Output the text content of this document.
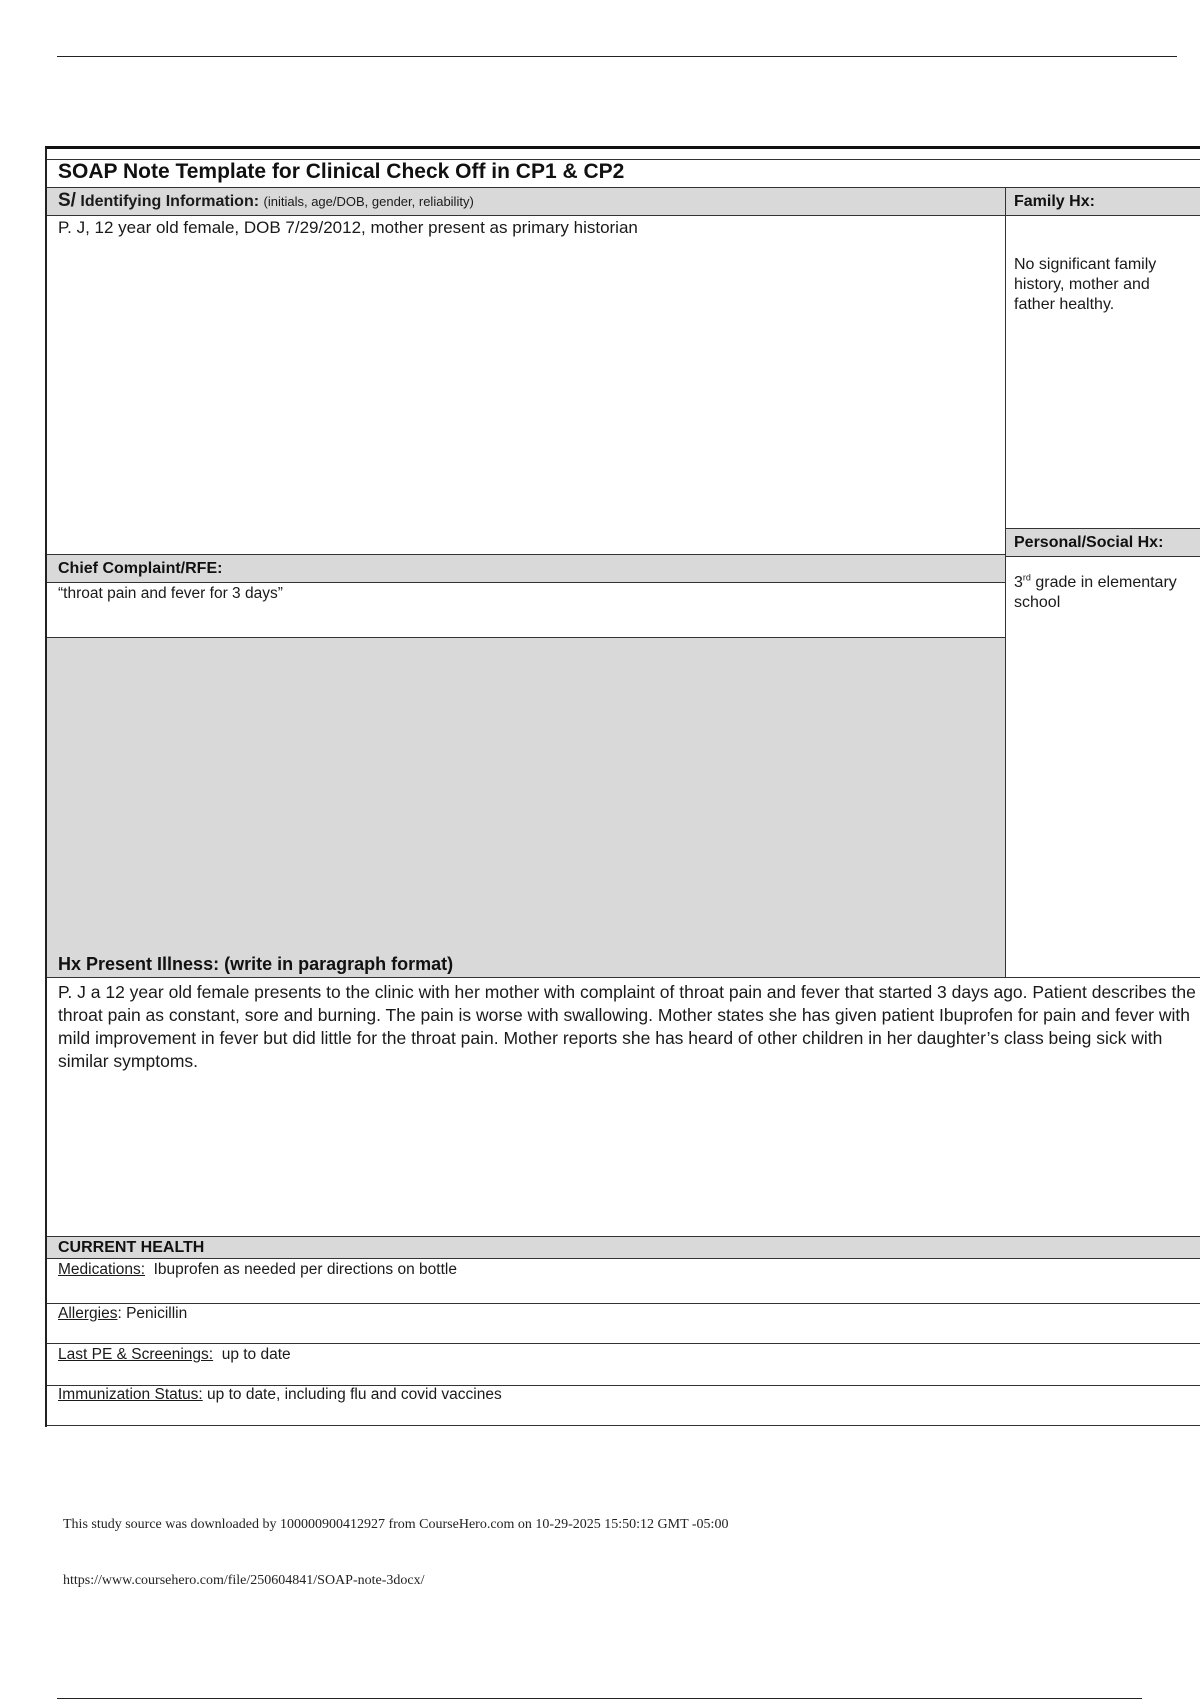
SOAP Note Template for Clinical Check Off in CP1 & CP2

S/ Identifying Information: (initials, age/DOB, gender, reliability)

P. J, 12 year old female, DOB 7/29/2012, mother present as primary historian

Family Hx:

No significant family history, mother and father healthy.

Personal/Social Hx:

3rd grade in elementary school

Chief Complaint/RFE:

“throat pain and fever for 3 days”

Hx Present Illness: (write in paragraph format)

P. J a 12 year old female presents to the clinic with her mother with complaint of throat pain and fever that started 3 days ago. Patient describes the throat pain as constant, sore and burning. The pain is worse with swallowing. Mother states she has given patient Ibuprofen for pain and fever with mild improvement in fever but did little for the throat pain. Mother reports she has heard of other children in her daughter’s class being sick with similar symptoms.

CURRENT HEALTH

Medications:  Ibuprofen as needed per directions on bottle

Allergies: Penicillin

Last PE & Screenings:  up to date

Immunization Status: up to date, including flu and covid vaccines

This study source was downloaded by 100000900412927 from CourseHero.com on 10-29-2025 15:50:12 GMT -05:00

https://www.coursehero.com/file/250604841/SOAP-note-3docx/
